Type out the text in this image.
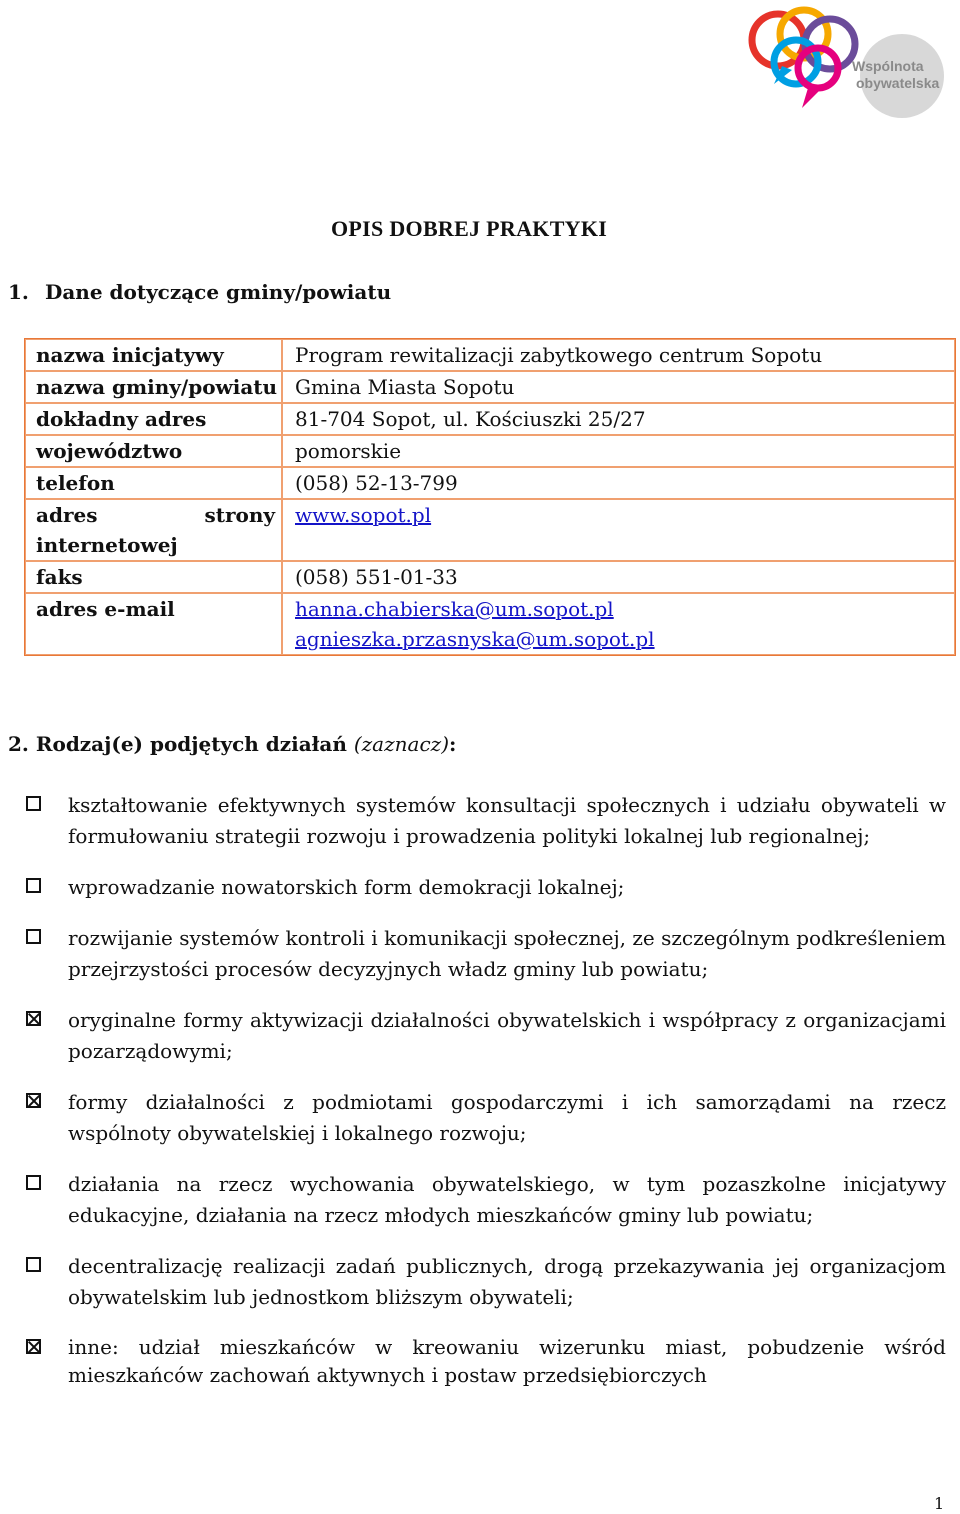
Wspólnota
obywatelska
OPIS DOBREJ PRAKTYKI
1. Dane dotyczące gminy/powiatu
nazwa inicjatywy	Program rewitalizacji zabytkowego centrum Sopotu
nazwa gminy/powiatu	Gmina Miasta Sopotu
dokładny adres	81-704 Sopot, ul. Kościuszki 25/27
województwo	pomorskie
telefon	(058) 52-13-799

adres strony
internetowej	www.sopot.pl
faks	(058) 551-01-33
adres e-mail	hanna.chabierska@um.sopot.pl
agnieszka.przasnyska@um.sopot.pl
2. Rodzaj(e) podjętych działań (zaznacz):
kształtowanie efektywnych systemów konsultacji społecznych i udziału obywateli w formułowaniu strategii rozwoju i prowadzenia polityki lokalnej lub regionalnej;
wprowadzanie nowatorskich form demokracji lokalnej;
rozwijanie systemów kontroli i komunikacji społecznej, ze szczególnym podkreśleniem przejrzystości procesów decyzyjnych władz gminy lub powiatu;
oryginalne formy aktywizacji działalności obywatelskich i współpracy z organizacjami pozarządowymi;
formy działalności z podmiotami gospodarczymi i ich samorządami na rzecz wspólnoty obywatelskiej i lokalnego rozwoju;
działania na rzecz wychowania obywatelskiego, w tym pozaszkolne inicjatywy edukacyjne, działania na rzecz młodych mieszkańców gminy lub powiatu;
decentralizację realizacji zadań publicznych, drogą przekazywania jej organizacjom obywatelskim lub jednostkom bliższym obywateli;
inne: udział mieszkańców w kreowaniu wizerunku miast, pobudzenie wśród mieszkańców zachowań aktywnych i postaw przedsiębiorczych
1
